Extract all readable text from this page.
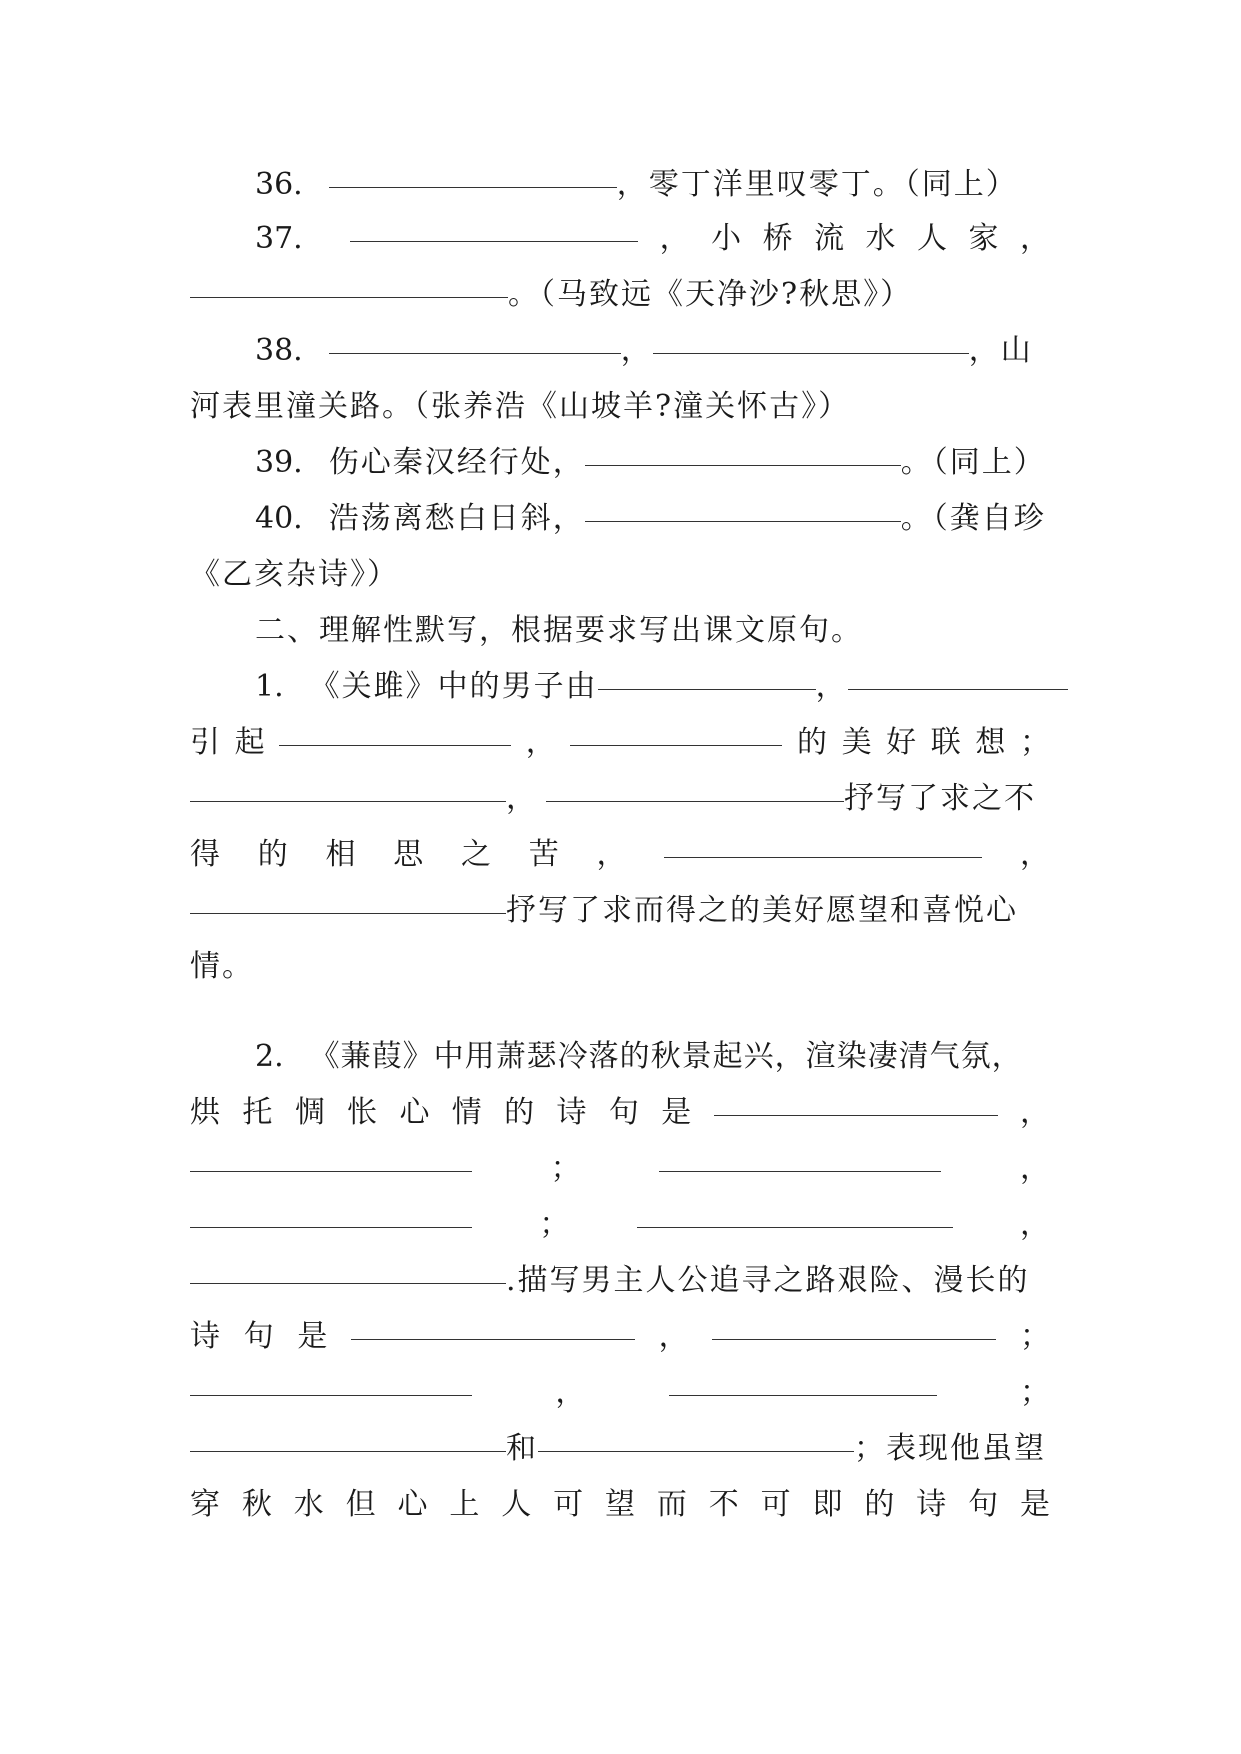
36.	，零丁洋里叹零丁。（同上）
37.	， 小 桥 流 水 人 家 ，
。（马致远《天净沙?秋思》）
38.	，	，山
河表里潼关路。（张养浩《山坡羊?潼关怀古》）
39. 伤心秦汉经行处，	。（同上）
40. 浩荡离愁白日斜，	。（龚自珍
《乙亥杂诗》）
二、理解性默写，根据要求写出课文原句。
1. 《关雎》中的男子由	，
引 起	，	的 美 好 联 想 ；
，	抒写了求之不
得 的 相 思 之 苦 ，	，
抒写了求而得之的美好愿望和喜悦心
情。
2. 《蒹葭》中用萧瑟冷落的秋景起兴，渲染凄清气氛，
烘 托 惆 怅 心 情 的 诗 句 是	，
；	，
；	，
.描写男主人公追寻之路艰险、漫长的
诗 句 是	，	；
，	；
和	；表现他虽望
穿 秋 水 但 心 上 人 可 望 而 不 可 即 的 诗 句 是
